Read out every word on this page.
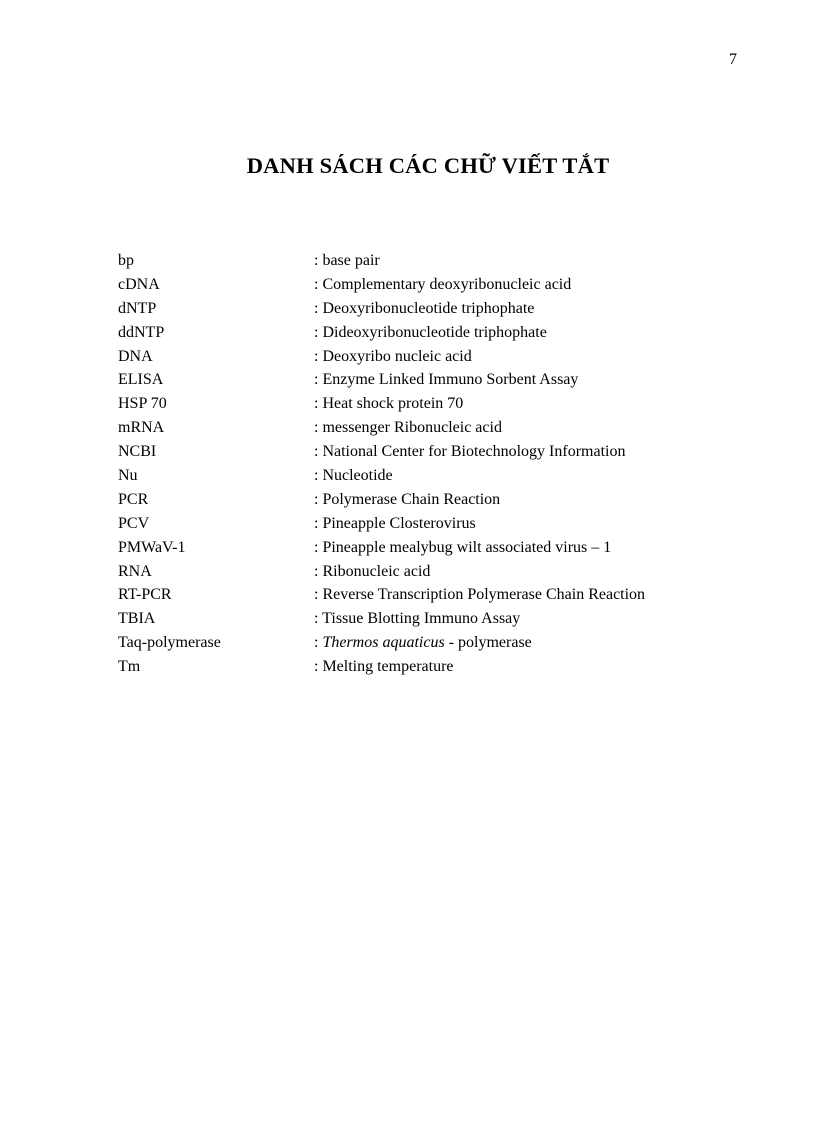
7
DANH SÁCH CÁC CHỮ VIẾT TẮT
bp	: base pair
cDNA	: Complementary deoxyribonucleic acid
dNTP	: Deoxyribonucleotide triphophate
ddNTP	: Dideoxyribonucleotide triphophate
DNA	: Deoxyribo nucleic acid
ELISA	: Enzyme Linked Immuno Sorbent Assay
HSP 70	: Heat shock protein 70
mRNA	: messenger Ribonucleic acid
NCBI	: National Center for Biotechnology Information
Nu	: Nucleotide
PCR	: Polymerase Chain Reaction
PCV	: Pineapple Closterovirus
PMWaV-1	: Pineapple mealybug wilt associated virus – 1
RNA	: Ribonucleic acid
RT-PCR	: Reverse Transcription Polymerase Chain Reaction
TBIA	: Tissue Blotting Immuno Assay
Taq-polymerase	: Thermos aquaticus - polymerase
Tm	: Melting temperature
